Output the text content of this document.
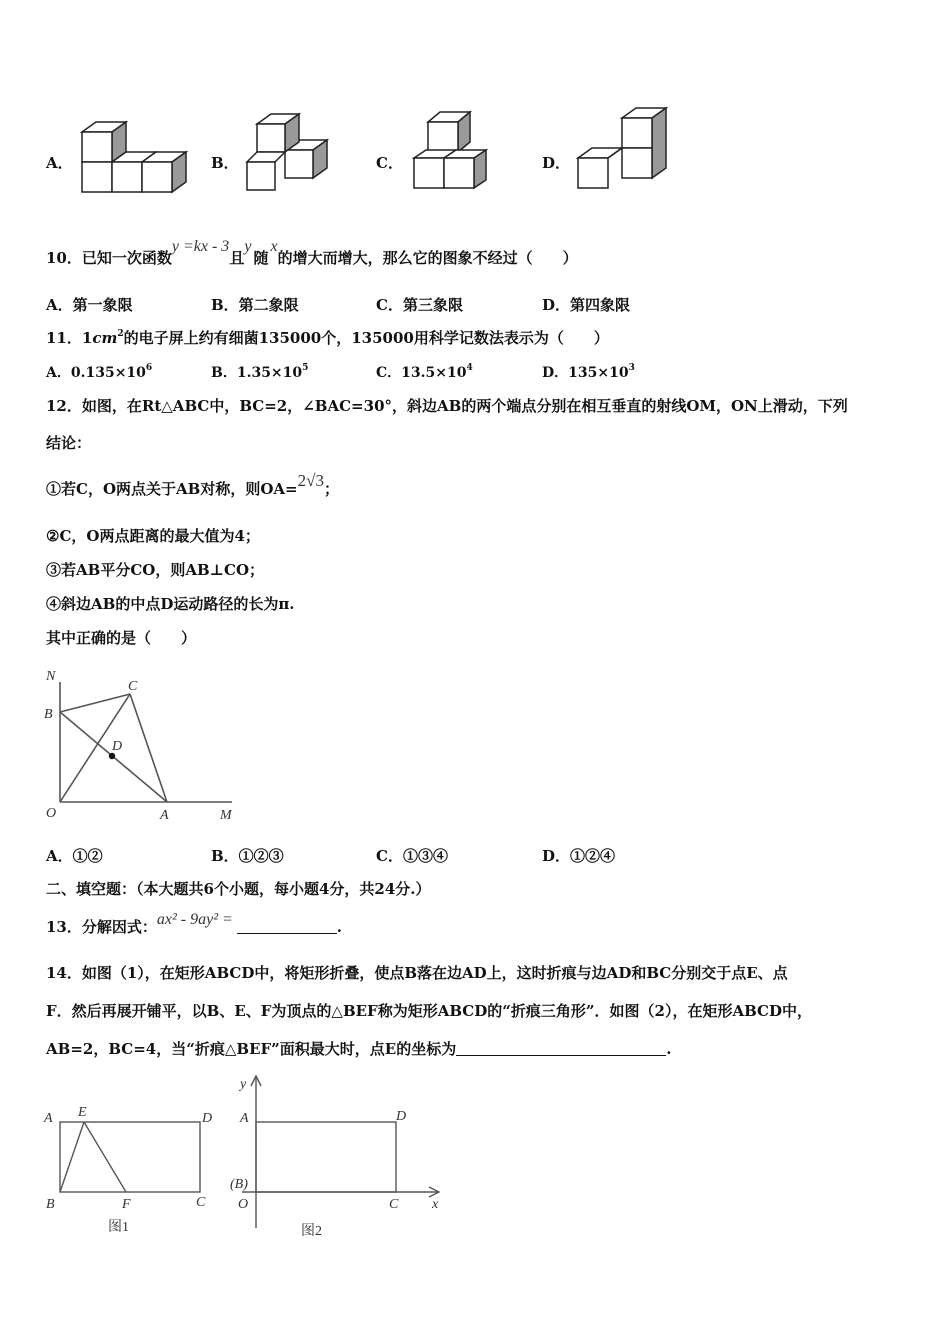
A．	B．	C．	D．
10．已知一次函数y =kx - 3且y随x的增大而增大，那么它的图象不经过（　　）
A．第一象限	B．第二象限	C．第三象限	D．第四象限
11．$1cm^2$的电子屏上约有细菌135000个，135000用科学记数法表示为（　　）
A．$0.135\times 10^6$	B．$1.35\times 10^5$	C．$13.5\times 10^4$	D．$135\times 10^3$
12．如图，在Rt△ABC中，BC=2，∠BAC=30°，斜边AB的两个端点分别在相互垂直的射线OM，ON上滑动，下列
结论：
①若C，O两点关于AB对称，则OA=2√3；
②C，O两点距离的最大值为4；
③若AB平分CO，则AB⊥CO；
④斜边AB的中点D运动路径的长为π.
其中正确的是（　　）
N
C
B
D
O	A	M
A．①②	B．①②③	C．①③④	D．①②④
二、填空题：（本大题共6个小题，每小题4分，共24分.）
13．分解因式：ax² - 9ay² =	.
14．如图（1），在矩形ABCD中，将矩形折叠，使点B落在边AD上，这时折痕与边AD和BC分别交于点E、点
F．然后再展开铺平，以B、E、F为顶点的△BEF称为矩形ABCD的“折痕三角形”．如图（2），在矩形ABCD中，
AB=2，BC=4，当“折痕△BEF”面积最大时，点E的坐标为	.
A E	D
B	F	C
图1
y
A	D
(B)
O	C x
图2
